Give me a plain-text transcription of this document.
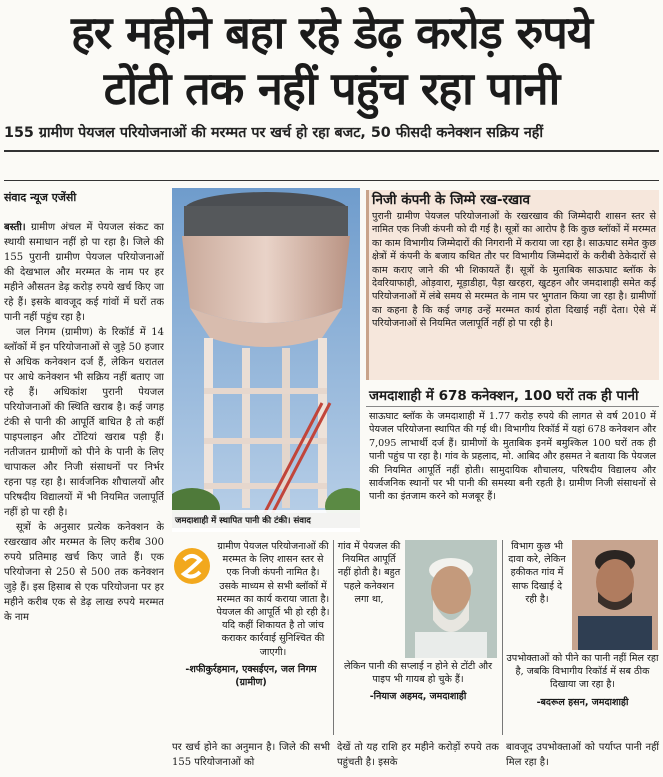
हर महीने बहा रहे डेढ़ करोड़ रुपये
टोंटी तक नहीं पहुंच रहा पानी
155 ग्रामीण पेयजल परियोजनाओं की मरम्मत पर खर्च हो रहा बजट, 50 फीसदी कनेक्शन सक्रिय नहीं
संवाद न्यूज एजेंसी

बस्ती। ग्रामीण अंचल में पेयजल संकट का स्थायी समाधान नहीं हो पा रहा है। जिले की 155 पुरानी ग्रामीण पेयजल परियोजनाओं की देखभाल और मरम्मत के नाम पर हर महीने औसतन डेढ़ करोड़ रुपये खर्च किए जा रहे हैं। इसके बावजूद कई गांवों में घरों तक पानी नहीं पहुंच रहा है।

जल निगम (ग्रामीण) के रिकॉर्ड में 14 ब्लॉकों में इन परियोजनाओं से जुड़े 50 हजार से अधिक कनेक्शन दर्ज हैं, लेकिन धरातल पर आधे कनेक्शन भी सक्रिय नहीं बताए जा रहे हैं। अधिकांश पुरानी पेयजल परियोजनाओं की स्थिति खराब है। कई जगह टंकी से पानी की आपूर्ति बाधित है तो कहीं पाइपलाइन और टोंटियां खराब पड़ी हैं। नतीजतन ग्रामीणों को पीने के पानी के लिए चापाकल और निजी संसाधनों पर निर्भर रहना पड़ रहा है। सार्वजनिक शौचालयों और परिषदीय विद्यालयों में भी नियमित जलापूर्ति नहीं हो पा रही है।

सूत्रों के अनुसार प्रत्येक कनेक्शन के रखरखाव और मरम्मत के लिए करीब 300 रुपये प्रतिमाह खर्च किए जाते हैं। एक परियोजना से 250 से 500 तक कनेक्शन जुड़े हैं। इस हिसाब से एक परियोजना पर हर महीने करीब एक से डेढ़ लाख रुपये मरम्मत के नाम

जमदाशाही में स्थापित पानी की टंकी। संवाद
निजी कंपनी के जिम्मे रख-रखाव
पुरानी ग्रामीण पेयजल परियोजनाओं के रखरखाव की जिम्मेदारी शासन स्तर से नामित एक निजी कंपनी को दी गई है। सूत्रों का आरोप है कि कुछ ब्लॉकों में मरम्मत का काम विभागीय जिम्मेदारों की निगरानी में कराया जा रहा है। साऊघाट समेत कुछ क्षेत्रों में कंपनी के बजाय कथित तौर पर विभागीय जिम्मेदारों के करीबी ठेकेदारों से काम कराए जाने की भी शिकायतें हैं। सूत्रों के मुताबिक साऊघाट ब्लॉक के देवरियाफाही, ओड़वारा, मूड़ाडीहा, पैड़ा खरहरा, खुटहन और जमदाशाही समेत कई परियोजनाओं में लंबे समय से मरम्मत के नाम पर भुगतान किया जा रहा है। ग्रामीणों का कहना है कि कई जगह उन्हें मरम्मत कार्य होता दिखाई नहीं देता। ऐसे में परियोजनाओं से नियमित जलापूर्ति नहीं हो पा रही है।
जमदाशाही में 678 कनेक्शन, 100 घरों तक ही पानी
साऊघाट ब्लॉक के जमदाशाही में 1.77 करोड़ रुपये की लागत से वर्ष 2010 में पेयजल परियोजना स्थापित की गई थी। विभागीय रिकॉर्ड में यहां 678 कनेक्शन और 7,095 लाभार्थी दर्ज हैं। ग्रामीणों के मुताबिक इनमें बमुश्किल 100 घरों तक ही पानी पहुंच पा रहा है। गांव के प्रहलाद, मो. आबिद और हसमत ने बताया कि पेयजल की नियमित आपूर्ति नहीं होती। सामुदायिक शौचालय, परिषदीय विद्यालय और सार्वजनिक स्थानों पर भी पानी की समस्या बनी रहती है। ग्रामीण निजी संसाधनों से पानी का इंतजाम करने को मजबूर हैं।
ग्रामीण पेयजल परियोजनाओं की मरम्मत के लिए शासन स्तर से एक निजी कंपनी नामित है। उसके माध्यम से सभी ब्लॉकों में मरम्मत का कार्य कराया जाता है। पेयजल की आपूर्ति भी हो रही है। यदि कहीं शिकायत है तो जांच कराकर कार्रवाई सुनिश्चित की जाएगी।
-शफीकुर्रहमान, एक्सईएन, जल निगम (ग्रामीण)
गांव में पेयजल की नियमित आपूर्ति नहीं होती है। बहुत पहले कनेक्शन लगा था,
लेकिन पानी की सप्लाई न होने से टोंटी और पाइप भी गायब हो चुके हैं।
-नियाज अहमद, जमदाशाही
विभाग कुछ भी दावा करे, लेकिन हकीकत गांव में साफ दिखाई दे रही है।
उपभोक्ताओं को पीने का पानी नहीं मिल रहा है, जबकि विभागीय रिकॉर्ड में सब ठीक दिखाया जा रहा है।
-बदरूल हसन, जमदाशाही
पर खर्च होने का अनुमान है। जिले की सभी 155 परियोजनाओं को
देखें तो यह राशि हर महीने करोड़ों रुपये तक पहुंचती है। इसके
बावजूद उपभोक्ताओं को पर्याप्त पानी नहीं मिल रहा है।
